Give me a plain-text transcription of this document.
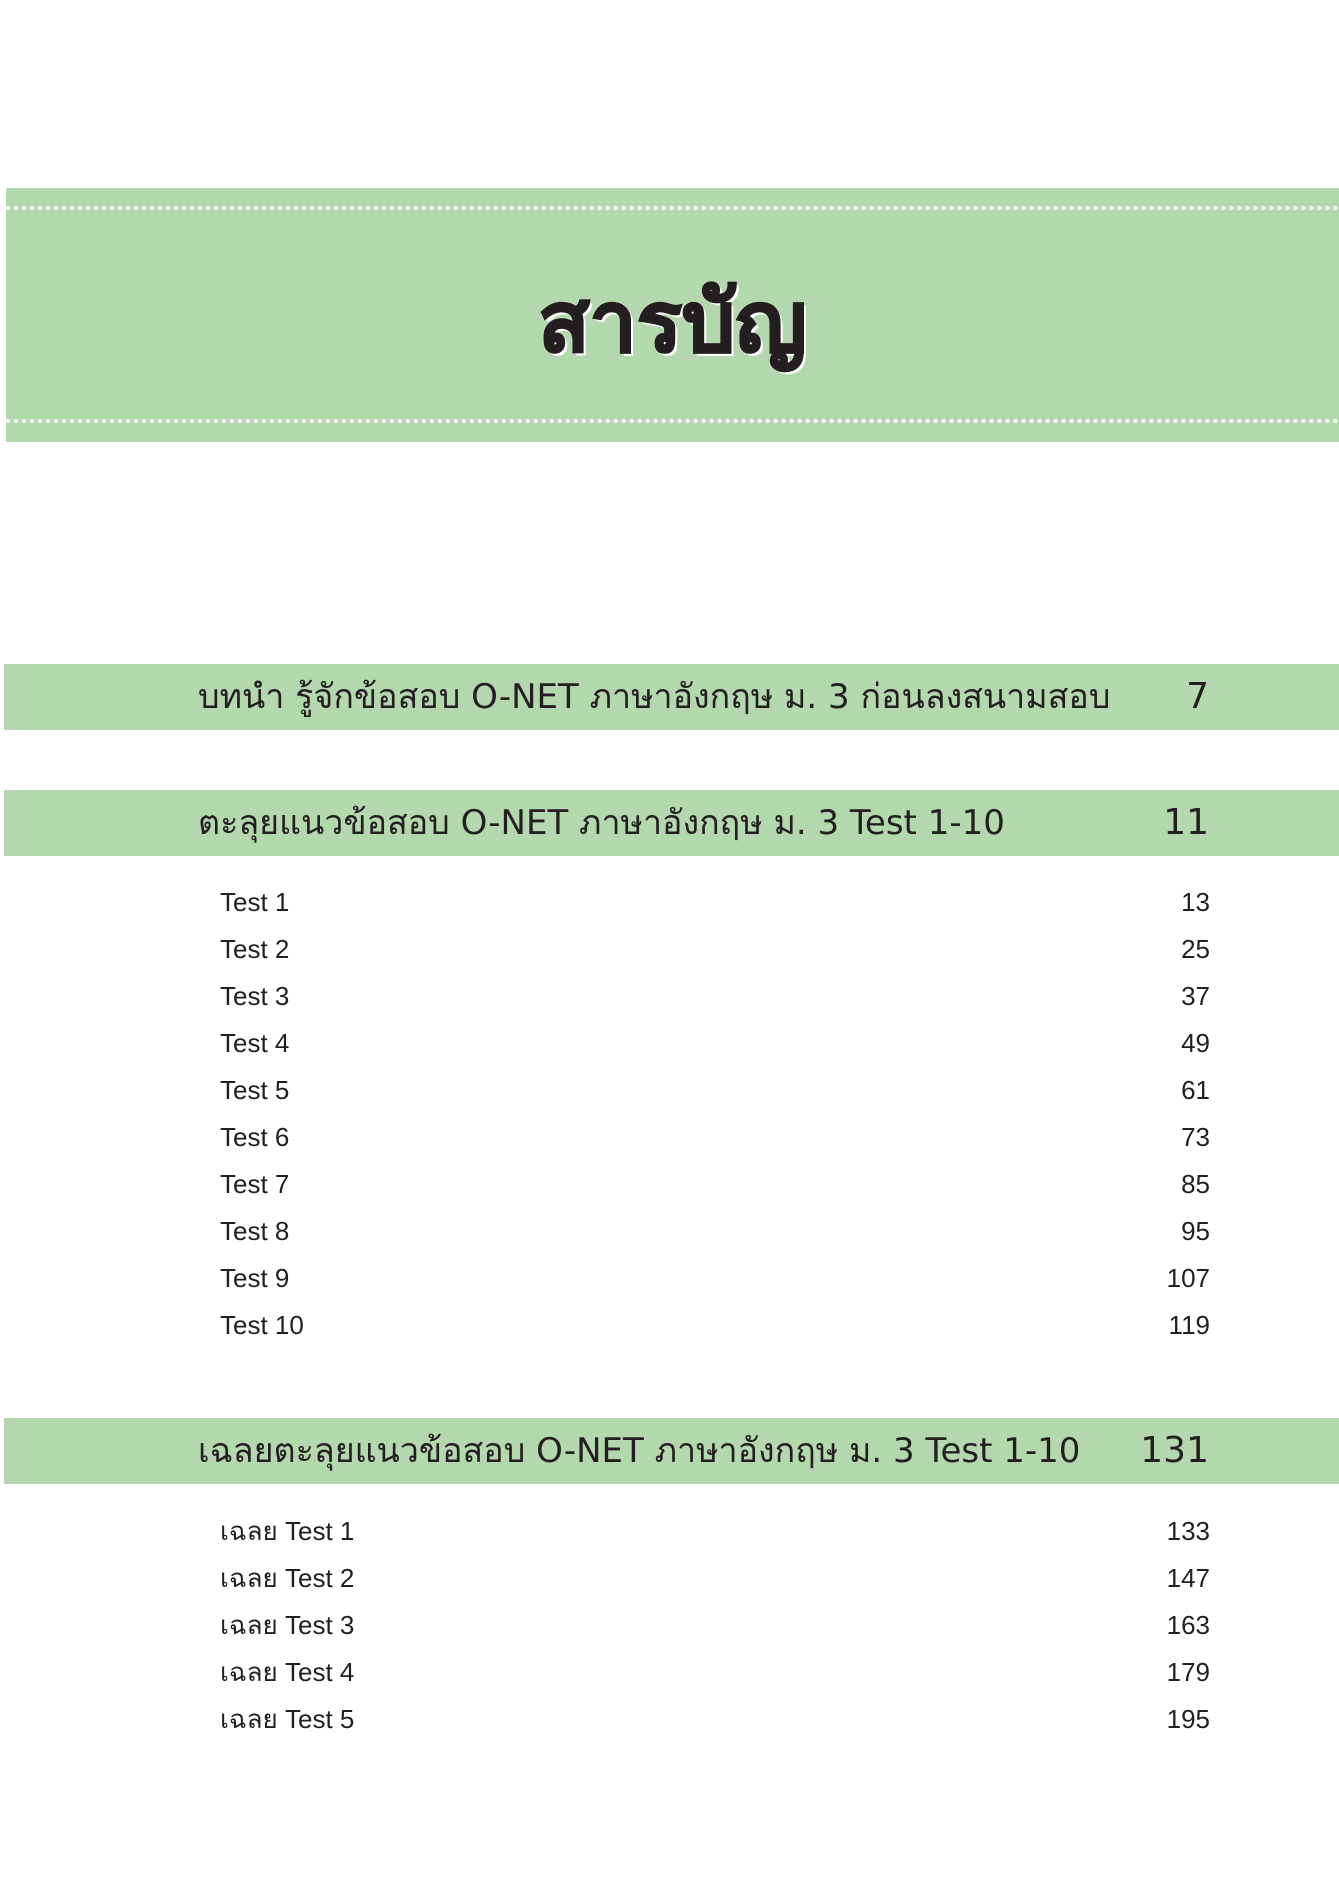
สารบัญ
บทนำ รู้จักข้อสอบ O-NET ภาษาอังกฤษ ม. 3 ก่อนลงสนามสอบ 7
ตะลุยแนวข้อสอบ O-NET ภาษาอังกฤษ ม. 3 Test 1-10	11
Test 1	13
Test 2	25
Test 3	37
Test 4	49
Test 5	61
Test 6	73
Test 7	85
Test 8	95
Test 9	107
Test 10	119
เฉลยตะลุยแนวข้อสอบ O-NET ภาษาอังกฤษ ม. 3 Test 1-10 131
เฉลย Test 1	133
เฉลย Test 2	147
เฉลย Test 3	163
เฉลย Test 4	179
เฉลย Test 5	195
